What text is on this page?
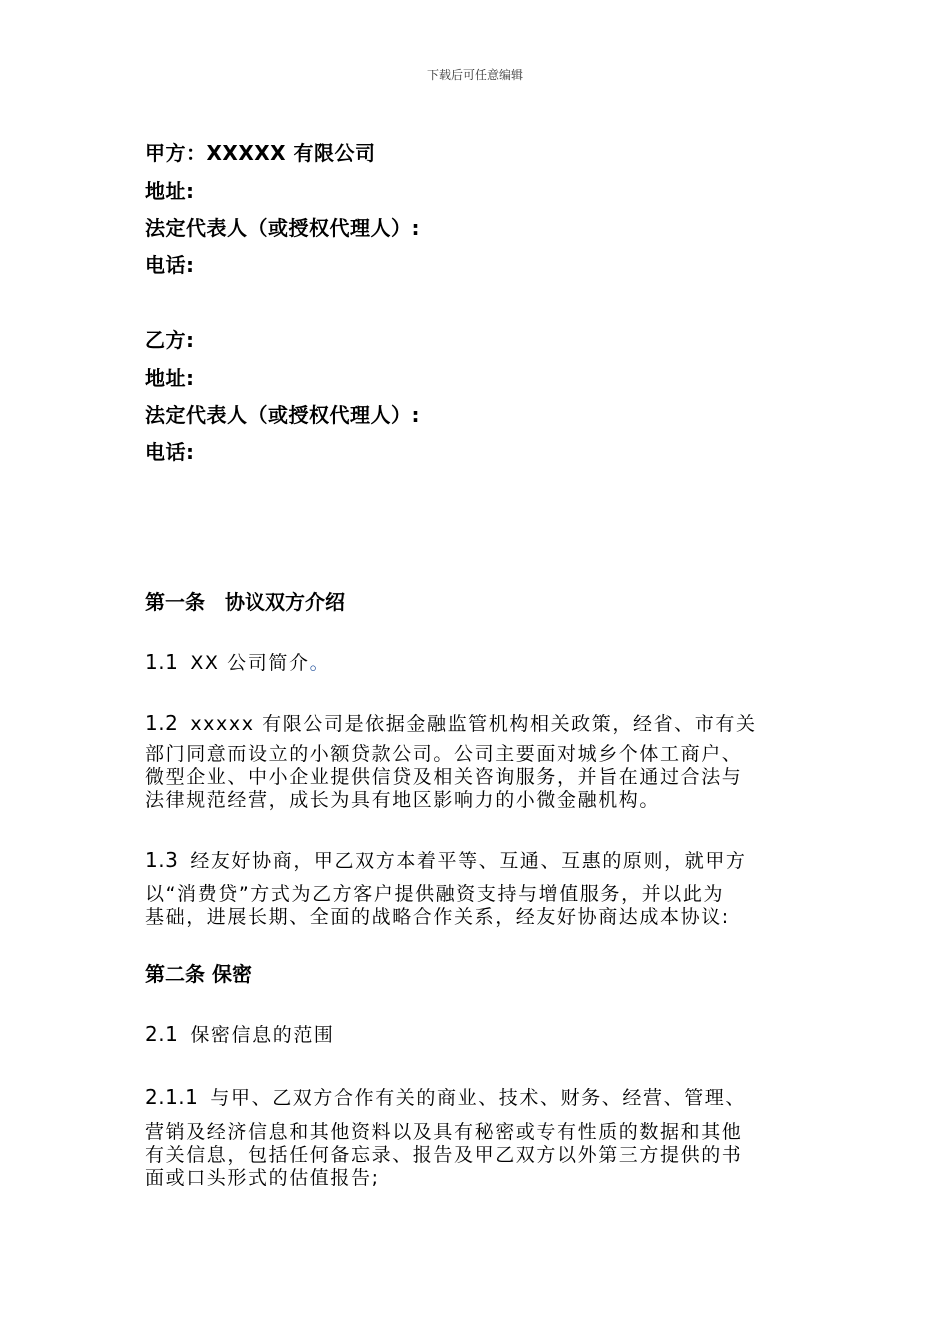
下载后可任意编辑
甲方：XXXXX 有限公司
地址:
法定代表人（或授权代理人）:
电话:
乙方:
地址:
法定代表人（或授权代理人）:
电话:
第一条 协议双方介绍
1.1 XX 公司简介。
1.2 xxxxx 有限公司是依据金融监管机构相关政策，经省、市有关
部门同意而设立的小额贷款公司。公司主要面对城乡个体工商户、
微型企业、中小企业提供信贷及相关咨询服务，并旨在通过合法与
法律规范经营，成长为具有地区影响力的小微金融机构。
1.3 经友好协商，甲乙双方本着平等、互通、互惠的原则，就甲方
以“消费贷”方式为乙方客户提供融资支持与增值服务，并以此为
基础，进展长期、全面的战略合作关系，经友好协商达成本协议:
第二条 保密
2.1 保密信息的范围
2.1.1 与甲、乙双方合作有关的商业、技术、财务、经营、管理、
营销及经济信息和其他资料以及具有秘密或专有性质的数据和其他
有关信息，包括任何备忘录、报告及甲乙双方以外第三方提供的书
面或口头形式的估值报告;
